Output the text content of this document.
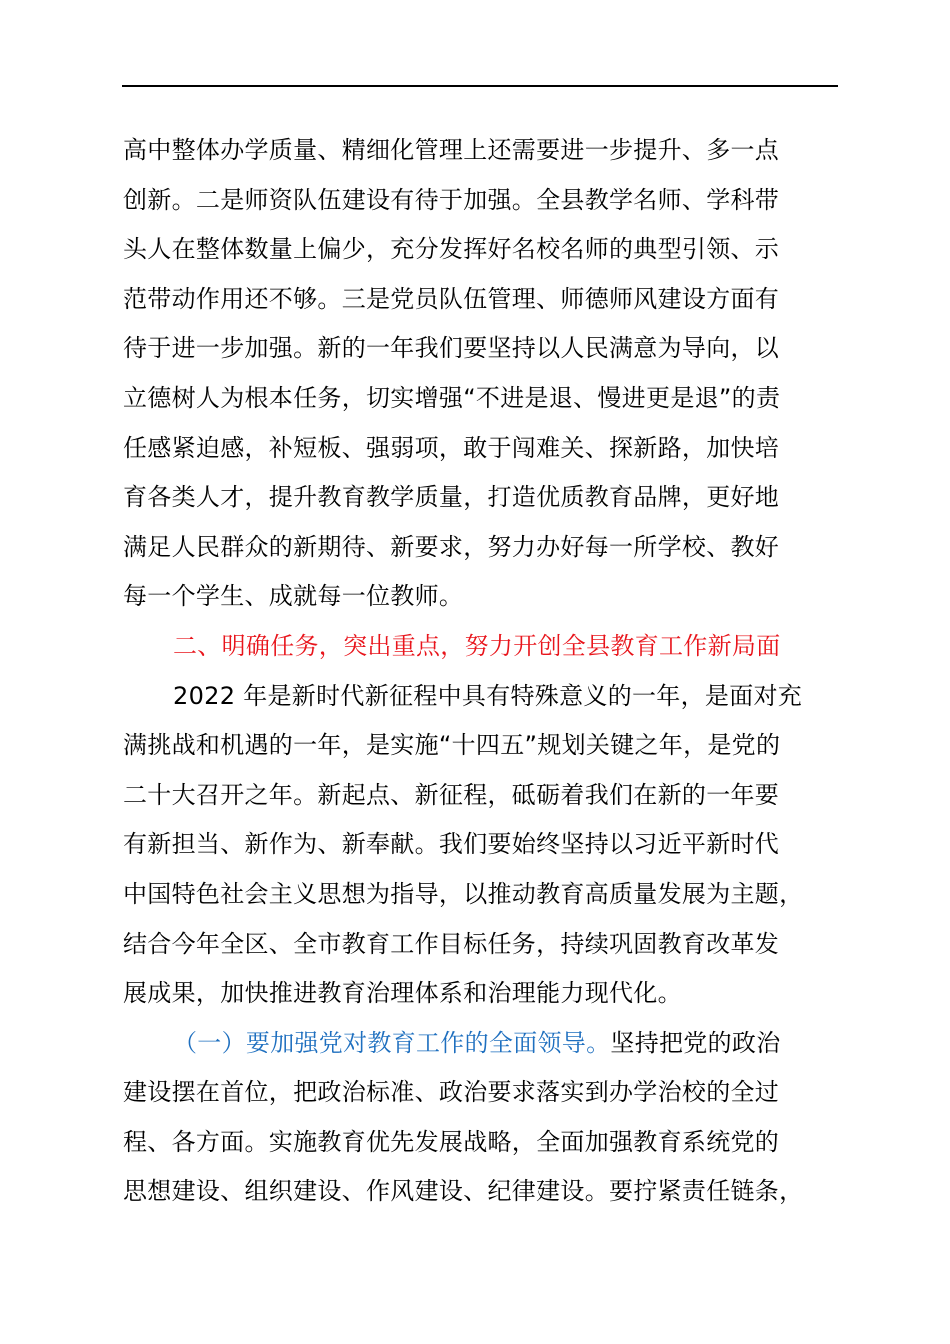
高中整体办学质量、精细化管理上还需要进一步提升、多一点
创新。二是师资队伍建设有待于加强。全县教学名师、学科带
头人在整体数量上偏少，充分发挥好名校名师的典型引领、示
范带动作用还不够。三是党员队伍管理、师德师风建设方面有
待于进一步加强。新的一年我们要坚持以人民满意为导向，以
立德树人为根本任务，切实增强“不进是退、慢进更是退”的责
任感紧迫感，补短板、强弱项，敢于闯难关、探新路，加快培
育各类人才，提升教育教学质量，打造优质教育品牌，更好地
满足人民群众的新期待、新要求，努力办好每一所学校、教好
每一个学生、成就每一位教师。
二、明确任务，突出重点，努力开创全县教育工作新局面
2022 年是新时代新征程中具有特殊意义的一年，是面对充
满挑战和机遇的一年，是实施“十四五”规划关键之年，是党的
二十大召开之年。新起点、新征程，砥砺着我们在新的一年要
有新担当、新作为、新奉献。我们要始终坚持以习近平新时代
中国特色社会主义思想为指导，以推动教育高质量发展为主题，
结合今年全区、全市教育工作目标任务，持续巩固教育改革发
展成果，加快推进教育治理体系和治理能力现代化。
（一）要加强党对教育工作的全面领导。坚持把党的政治
建设摆在首位，把政治标准、政治要求落实到办学治校的全过
程、各方面。实施教育优先发展战略，全面加强教育系统党的
思想建设、组织建设、作风建设、纪律建设。要拧紧责任链条，
